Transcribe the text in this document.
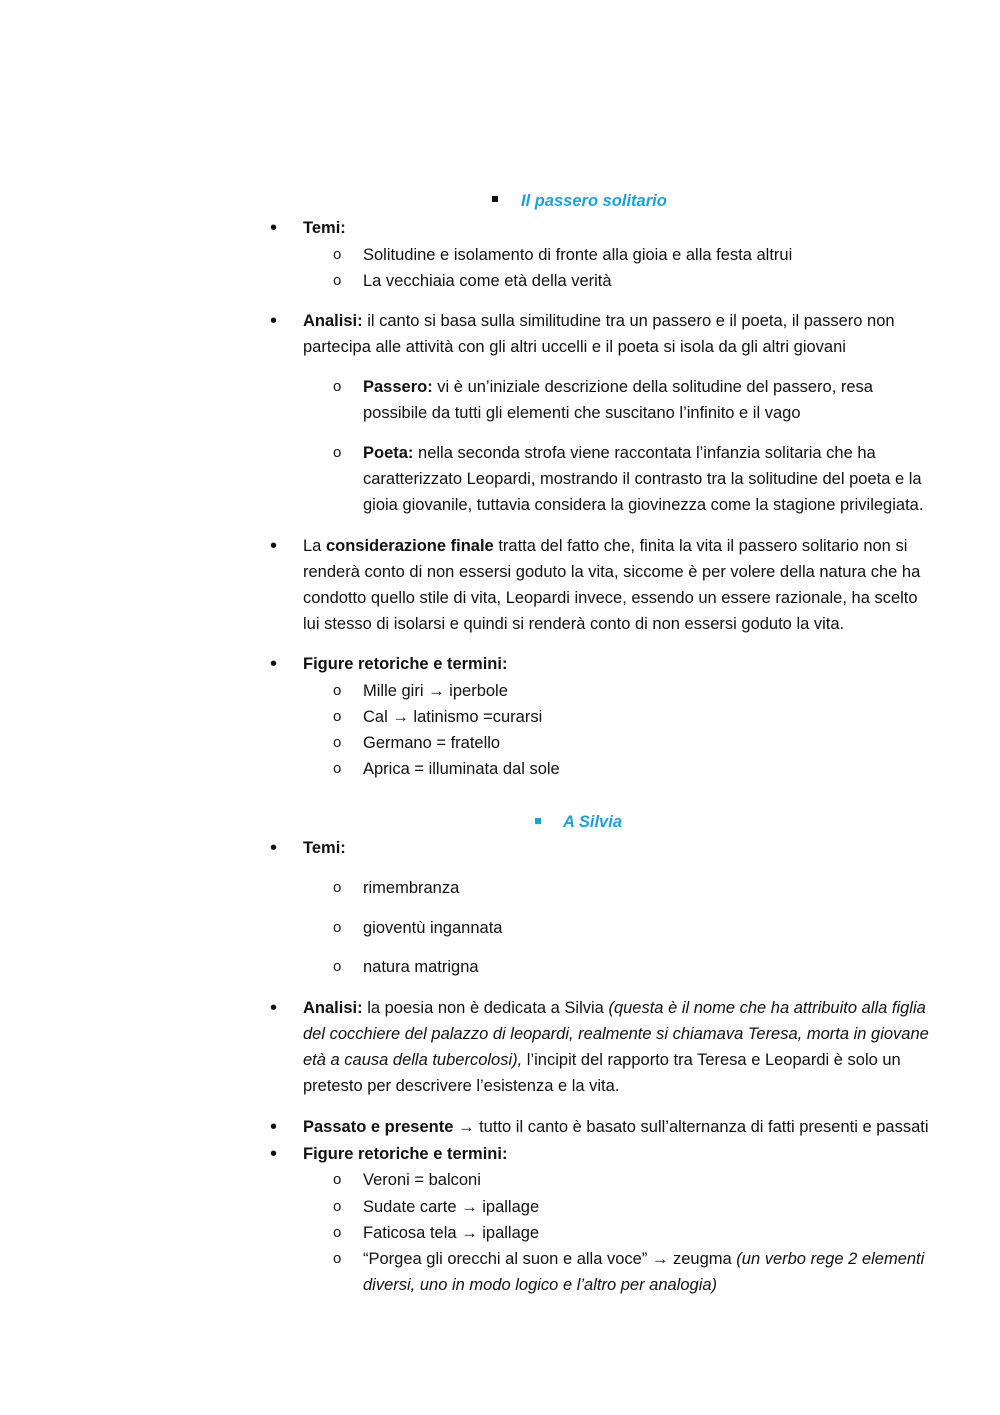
Il passero solitario
• Temi:
o Solitudine e isolamento di fronte alla gioia e alla festa altrui
o La vecchiaia come età della verità
• Analisi: il canto si basa sulla similitudine tra un passero e il poeta, il passero non
partecipa alle attività con gli altri uccelli e il poeta si isola da gli altri giovani
o Passero: vi è un’iniziale descrizione della solitudine del passero, resa
possibile da tutti gli elementi che suscitano l’infinito e il vago
o Poeta: nella seconda strofa viene raccontata l’infanzia solitaria che ha
caratterizzato Leopardi, mostrando il contrasto tra la solitudine del poeta e la
gioia giovanile, tuttavia considera la giovinezza come la stagione privilegiata.
• La considerazione finale tratta del fatto che, finita la vita il passero solitario non si
renderà conto di non essersi goduto la vita, siccome è per volere della natura che ha
condotto quello stile di vita, Leopardi invece, essendo un essere razionale, ha scelto
lui stesso di isolarsi e quindi si renderà conto di non essersi goduto la vita.
• Figure retoriche e termini:
o Mille giri → iperbole
o Cal → latinismo =curarsi
o Germano = fratello
o Aprica = illuminata dal sole
A Silvia
• Temi:
o rimembranza
o gioventù ingannata
o natura matrigna
• Analisi: la poesia non è dedicata a Silvia (questa è il nome che ha attribuito alla figlia
del cocchiere del palazzo di leopardi, realmente si chiamava Teresa, morta in giovane
età a causa della tubercolosi), l’incipit del rapporto tra Teresa e Leopardi è solo un
pretesto per descrivere l’esistenza e la vita.
• Passato e presente → tutto il canto è basato sull’alternanza di fatti presenti e passati
• Figure retoriche e termini:
o Veroni = balconi
o Sudate carte → ipallage
o Faticosa tela → ipallage
o “Porgea gli orecchi al suon e alla voce” → zeugma (un verbo rege 2 elementi
diversi, uno in modo logico e l’altro per analogia)
